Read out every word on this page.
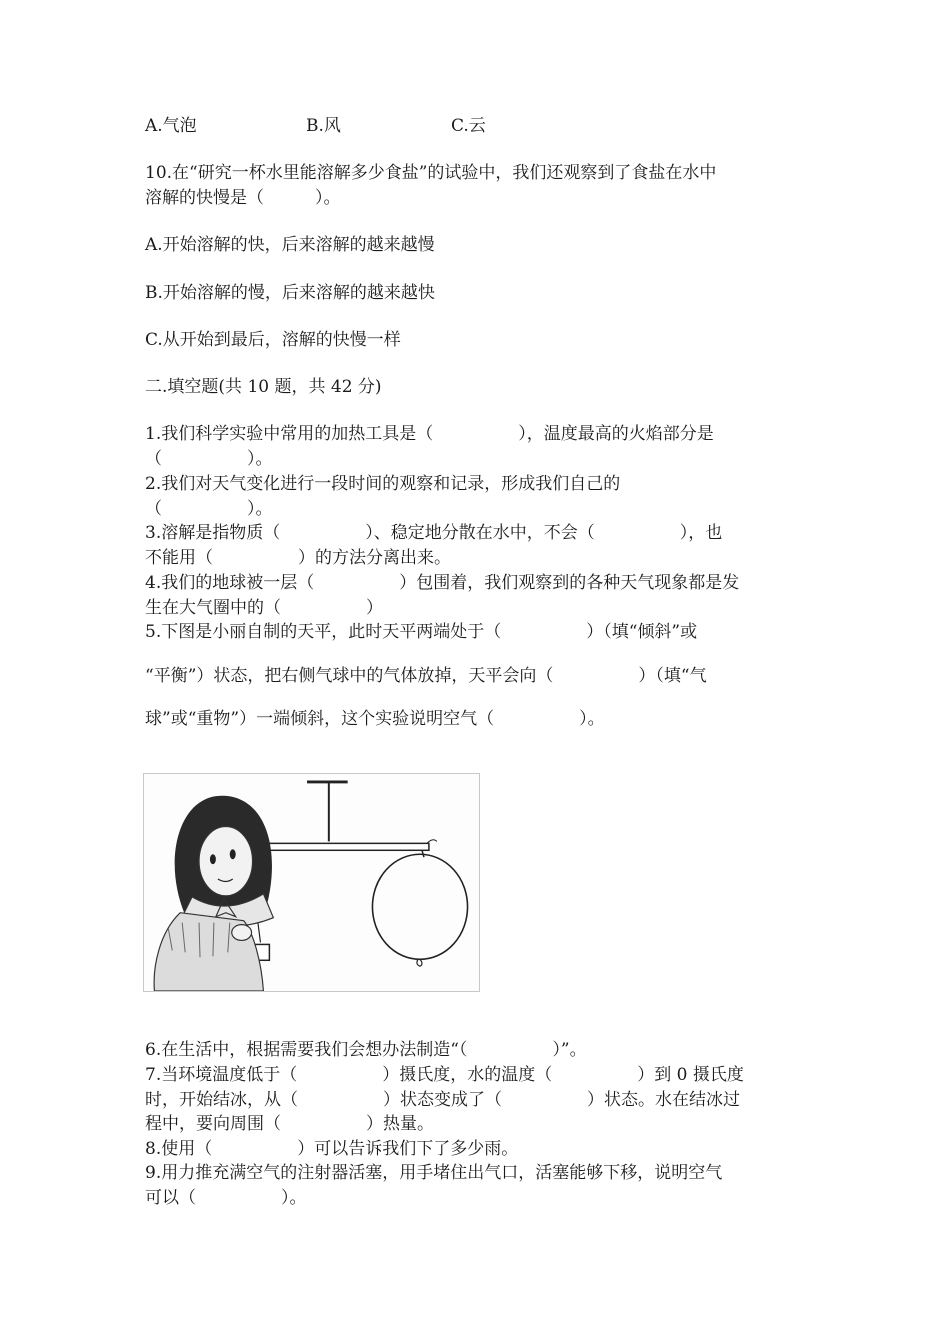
A.气泡

	B.风

	C.云

10.在“研究一杯水里能溶解多少食盐”的试验中，我们还观察到了食盐在水中
溶解的快慢是（　　　）。
A.开始溶解的快，后来溶解的越来越慢
B.开始溶解的慢，后来溶解的越来越快
C.从开始到最后，溶解的快慢一样
二.填空题(共 10 题，共 42 分)
1.我们科学实验中常用的加热工具是（　　　　　），温度最高的火焰部分是
（　　　　　）。
2.我们对天气变化进行一段时间的观察和记录，形成我们自己的
（　　　　　）。
3.溶解是指物质（　　　　　）、稳定地分散在水中，不会（　　　　　），也
不能用（　　　　　）的方法分离出来。
4.我们的地球被一层（　　　　　）包围着，我们观察到的各种天气现象都是发
生在大气圈中的（　　　　　）
5.下图是小丽自制的天平，此时天平两端处于（　　　　　）（填“倾斜”或
“平衡”）状态，把右侧气球中的气体放掉，天平会向（　　　　　）（填“气
球”或“重物”）一端倾斜，这个实验说明空气（　　　　　）。
6.在生活中，根据需要我们会想办法制造“（　　　　　）”。
7.当环境温度低于（　　　　　）摄氏度，水的温度（　　　　　）到 0 摄氏度
时，开始结冰，从（　　　　　）状态变成了（　　　　　）状态。水在结冰过
程中，要向周围（　　　　　）热量。
8.使用（　　　　　）可以告诉我们下了多少雨。
9.用力推充满空气的注射器活塞，用手堵住出气口，活塞能够下移，说明空气
可以（　　　　　）。
